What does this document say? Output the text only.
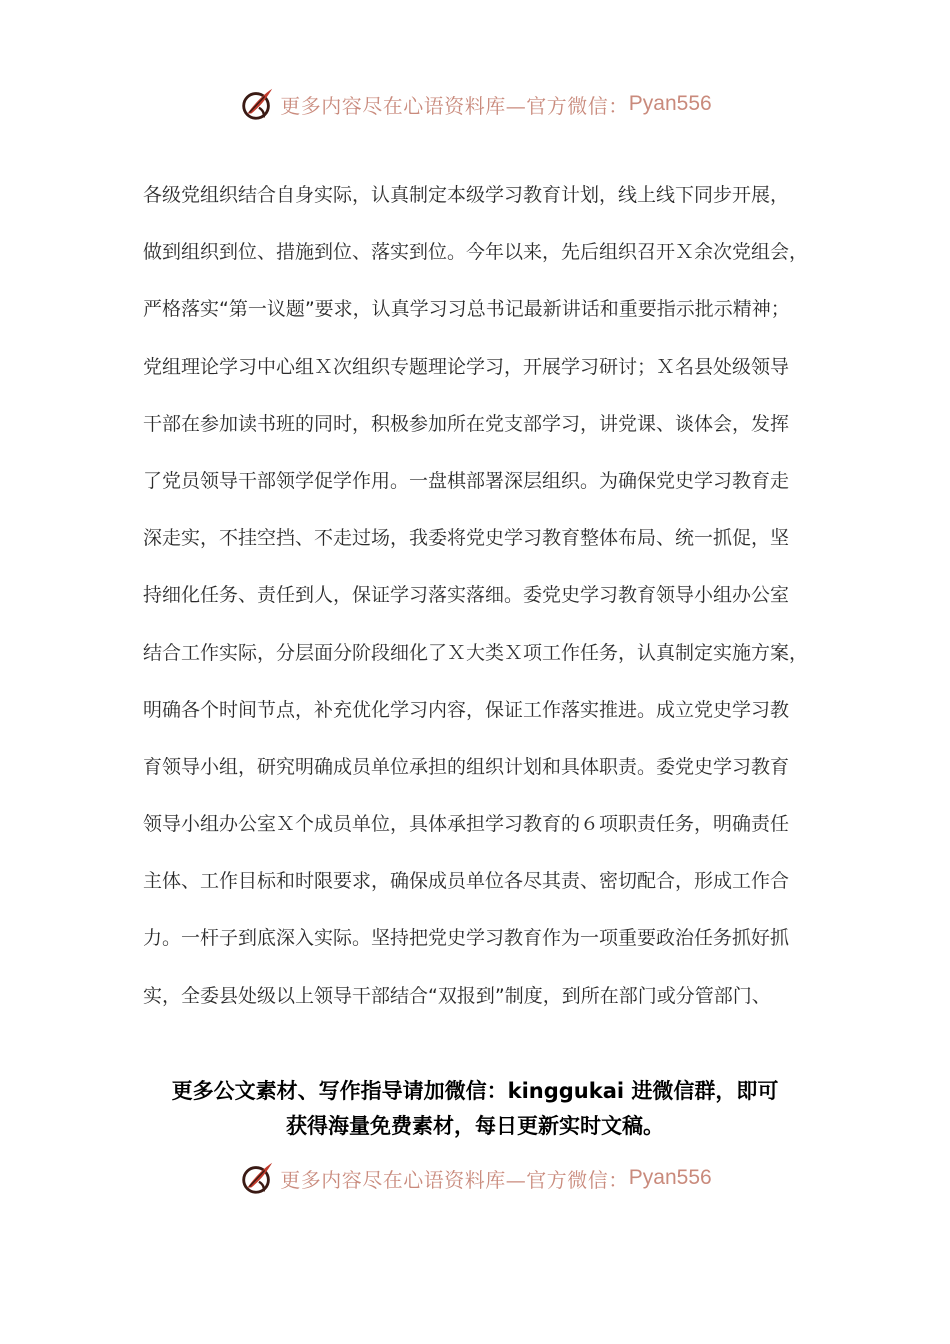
更多内容尽在心语资料库—官方微信： Pyan556
各级党组织结合自身实际，认真制定本级学习教育计划，线上线下同步开展，
做到组织到位、措施到位、落实到位。今年以来，先后组织召开Ｘ余次党组会，
严格落实“第一议题”要求，认真学习习总书记最新讲话和重要指示批示精神；
党组理论学习中心组Ｘ次组织专题理论学习，开展学习研讨；Ｘ名县处级领导
干部在参加读书班的同时，积极参加所在党支部学习，讲党课、谈体会，发挥
了党员领导干部领学促学作用。一盘棋部署深层组织。为确保党史学习教育走
深走实，不挂空挡、不走过场，我委将党史学习教育整体布局、统一抓促，坚
持细化任务、责任到人，保证学习落实落细。委党史学习教育领导小组办公室
结合工作实际，分层面分阶段细化了Ｘ大类Ｘ项工作任务，认真制定实施方案，
明确各个时间节点，补充优化学习内容，保证工作落实推进。成立党史学习教
育领导小组，研究明确成员单位承担的组织计划和具体职责。委党史学习教育
领导小组办公室Ｘ个成员单位，具体承担学习教育的６项职责任务，明确责任
主体、工作目标和时限要求，确保成员单位各尽其责、密切配合，形成工作合
力。一杆子到底深入实际。坚持把党史学习教育作为一项重要政治任务抓好抓
实，全委县处级以上领导干部结合“双报到”制度，到所在部门或分管部门、
更多公文素材、写作指导请加微信：kinggukai 进微信群，即可
获得海量免费素材，每日更新实时文稿。
更多内容尽在心语资料库—官方微信： Pyan556
